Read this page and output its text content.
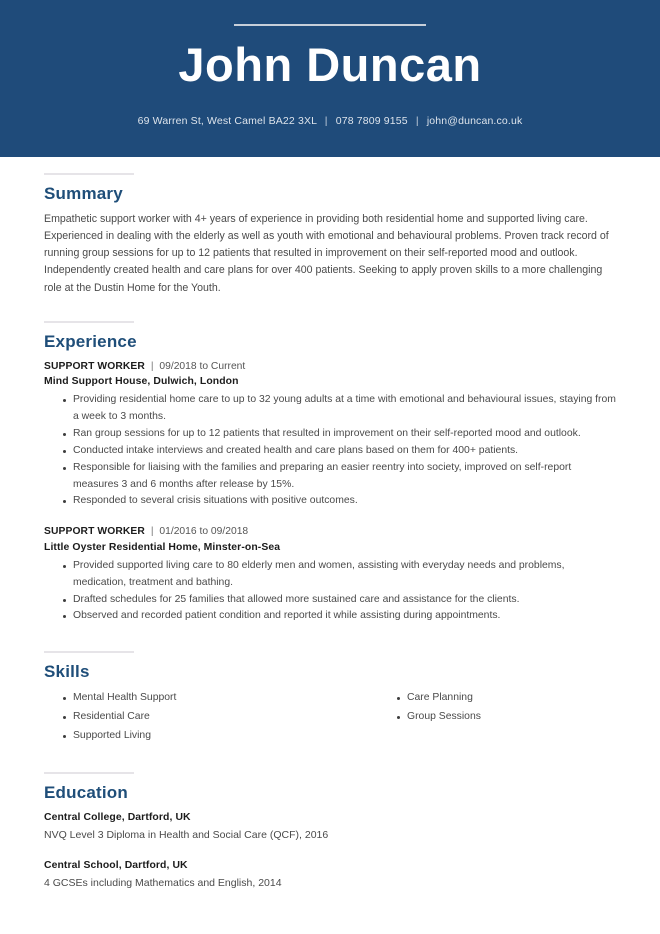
John Duncan
69 Warren St, West Camel BA22 3XL | 078 7809 9155 | john@duncan.co.uk
Summary

Empathetic support worker with 4+ years of experience in providing both residential home and supported living care. Experienced in dealing with the elderly as well as youth with emotional and behavioural problems. Proven track record of running group sessions for up to 12 patients that resulted in improvement on their self-reported mood and outlook. Independently created health and care plans for over 400 patients. Seeking to apply proven skills to a more challenging role at the Dustin Home for the Youth.

Experience
SUPPORT WORKER | 09/2018 to Current
Mind Support House, Dulwich, London
Providing residential home care to up to 32 young adults at a time with emotional and behavioural issues, staying from a week to 3 months.
Ran group sessions for up to 12 patients that resulted in improvement on their self-reported mood and outlook.
Conducted intake interviews and created health and care plans based on them for 400+ patients.
Responsible for liaising with the families and preparing an easier reentry into society, improved on self-report measures 3 and 6 months after release by 15%.
Responded to several crisis situations with positive outcomes.
SUPPORT WORKER | 01/2016 to 09/2018
Little Oyster Residential Home, Minster-on-Sea
Provided supported living care to 80 elderly men and women, assisting with everyday needs and problems, medication, treatment and bathing.
Drafted schedules for 25 families that allowed more sustained care and assistance for the clients.
Observed and recorded patient condition and reported it while assisting during appointments.
Skills
Mental Health Support
Residential Care
Supported Living
Care Planning
Group Sessions
Education
Central College, Dartford, UK
NVQ Level 3 Diploma in Health and Social Care (QCF), 2016
Central School, Dartford, UK
4 GCSEs including Mathematics and English, 2014
